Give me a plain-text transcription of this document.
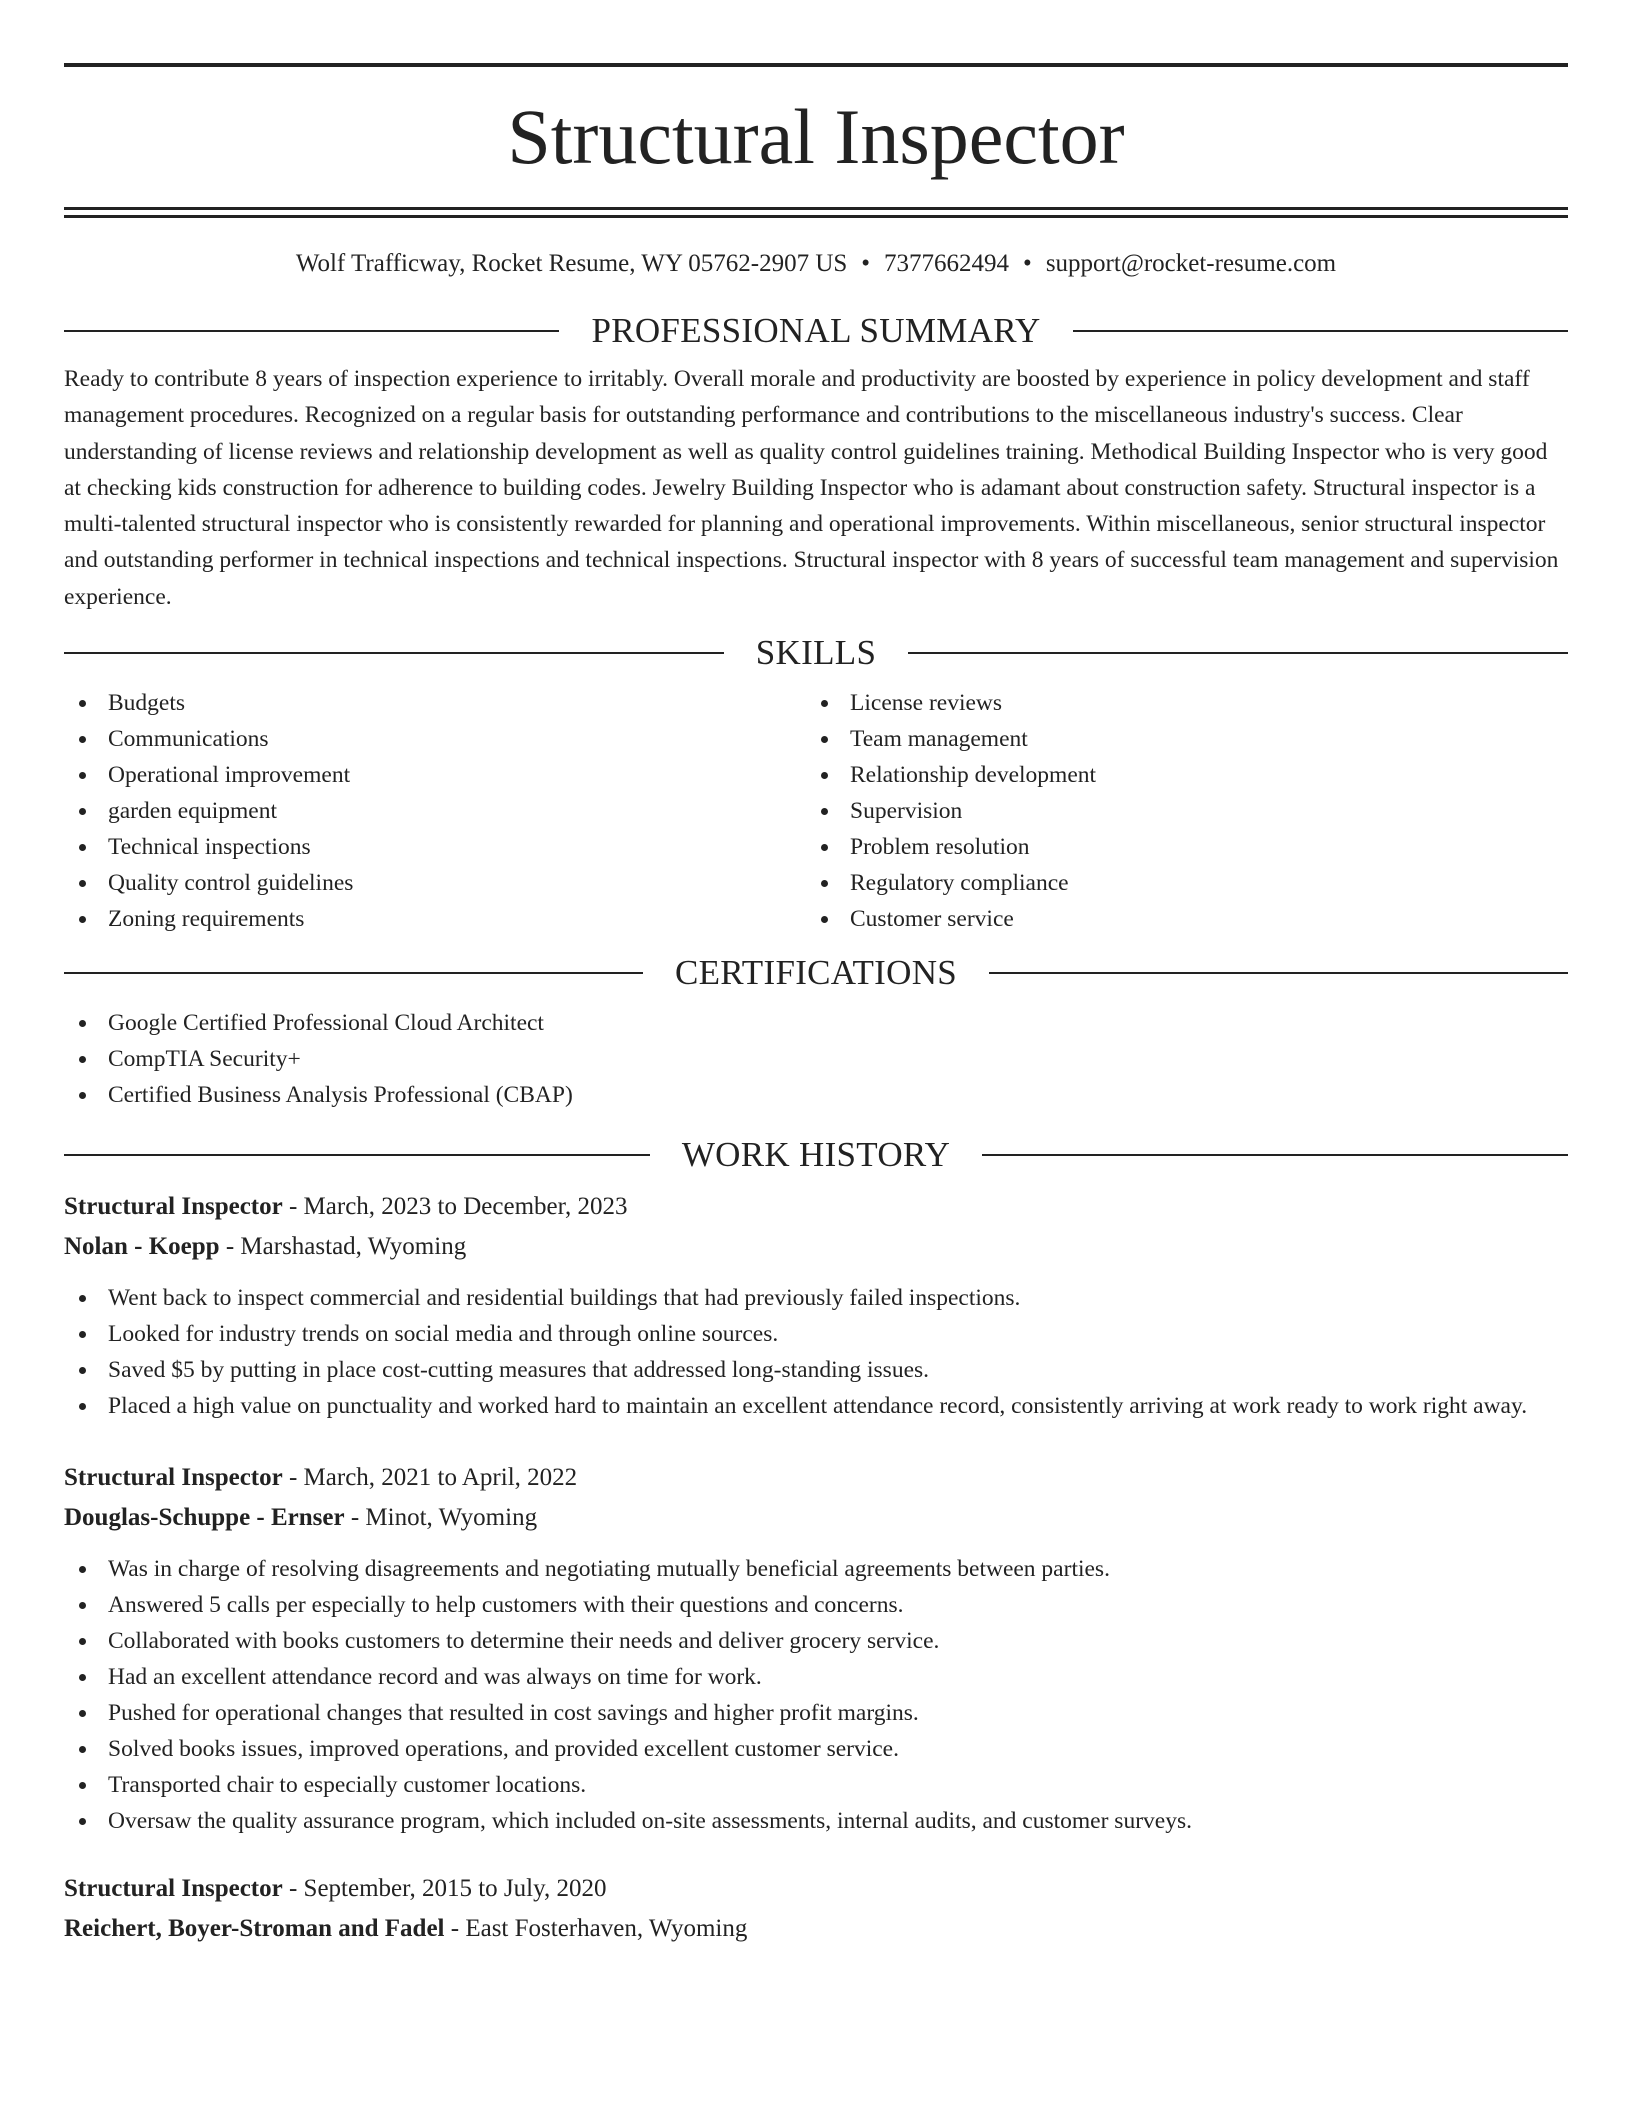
Structural Inspector
Wolf Trafficway, Rocket Resume, WY 05762-2907 US • 7377662494 • support@rocket-resume.com
PROFESSIONAL SUMMARY

Ready to contribute 8 years of inspection experience to irritably. Overall morale and productivity are boosted by experience in policy development and staff management procedures. Recognized on a regular basis for outstanding performance and contributions to the miscellaneous industry's success. Clear understanding of license reviews and relationship development as well as quality control guidelines training. Methodical Building Inspector who is very good at checking kids construction for adherence to building codes. Jewelry Building Inspector who is adamant about construction safety. Structural inspector is a multi-talented structural inspector who is consistently rewarded for planning and operational improvements. Within miscellaneous, senior structural inspector and outstanding performer in technical inspections and technical inspections. Structural inspector with 8 years of successful team management and supervision experience.

SKILLS
Budgets
Communications
Operational improvement
garden equipment
Technical inspections
Quality control guidelines
Zoning requirements
License reviews
Team management
Relationship development
Supervision
Problem resolution
Regulatory compliance
Customer service
CERTIFICATIONS
Google Certified Professional Cloud Architect
CompTIA Security+
Certified Business Analysis Professional (CBAP)
WORK HISTORY
Structural Inspector - March, 2023 to December, 2023
Nolan - Koepp - Marshastad, Wyoming
Went back to inspect commercial and residential buildings that had previously failed inspections.
Looked for industry trends on social media and through online sources.
Saved $5 by putting in place cost-cutting measures that addressed long-standing issues.
Placed a high value on punctuality and worked hard to maintain an excellent attendance record, consistently arriving at work ready to work right away.
Structural Inspector - March, 2021 to April, 2022
Douglas-Schuppe - Ernser - Minot, Wyoming
Was in charge of resolving disagreements and negotiating mutually beneficial agreements between parties.
Answered 5 calls per especially to help customers with their questions and concerns.
Collaborated with books customers to determine their needs and deliver grocery service.
Had an excellent attendance record and was always on time for work.
Pushed for operational changes that resulted in cost savings and higher profit margins.
Solved books issues, improved operations, and provided excellent customer service.
Transported chair to especially customer locations.
Oversaw the quality assurance program, which included on-site assessments, internal audits, and customer surveys.
Structural Inspector - September, 2015 to July, 2020
Reichert, Boyer-Stroman and Fadel - East Fosterhaven, Wyoming
